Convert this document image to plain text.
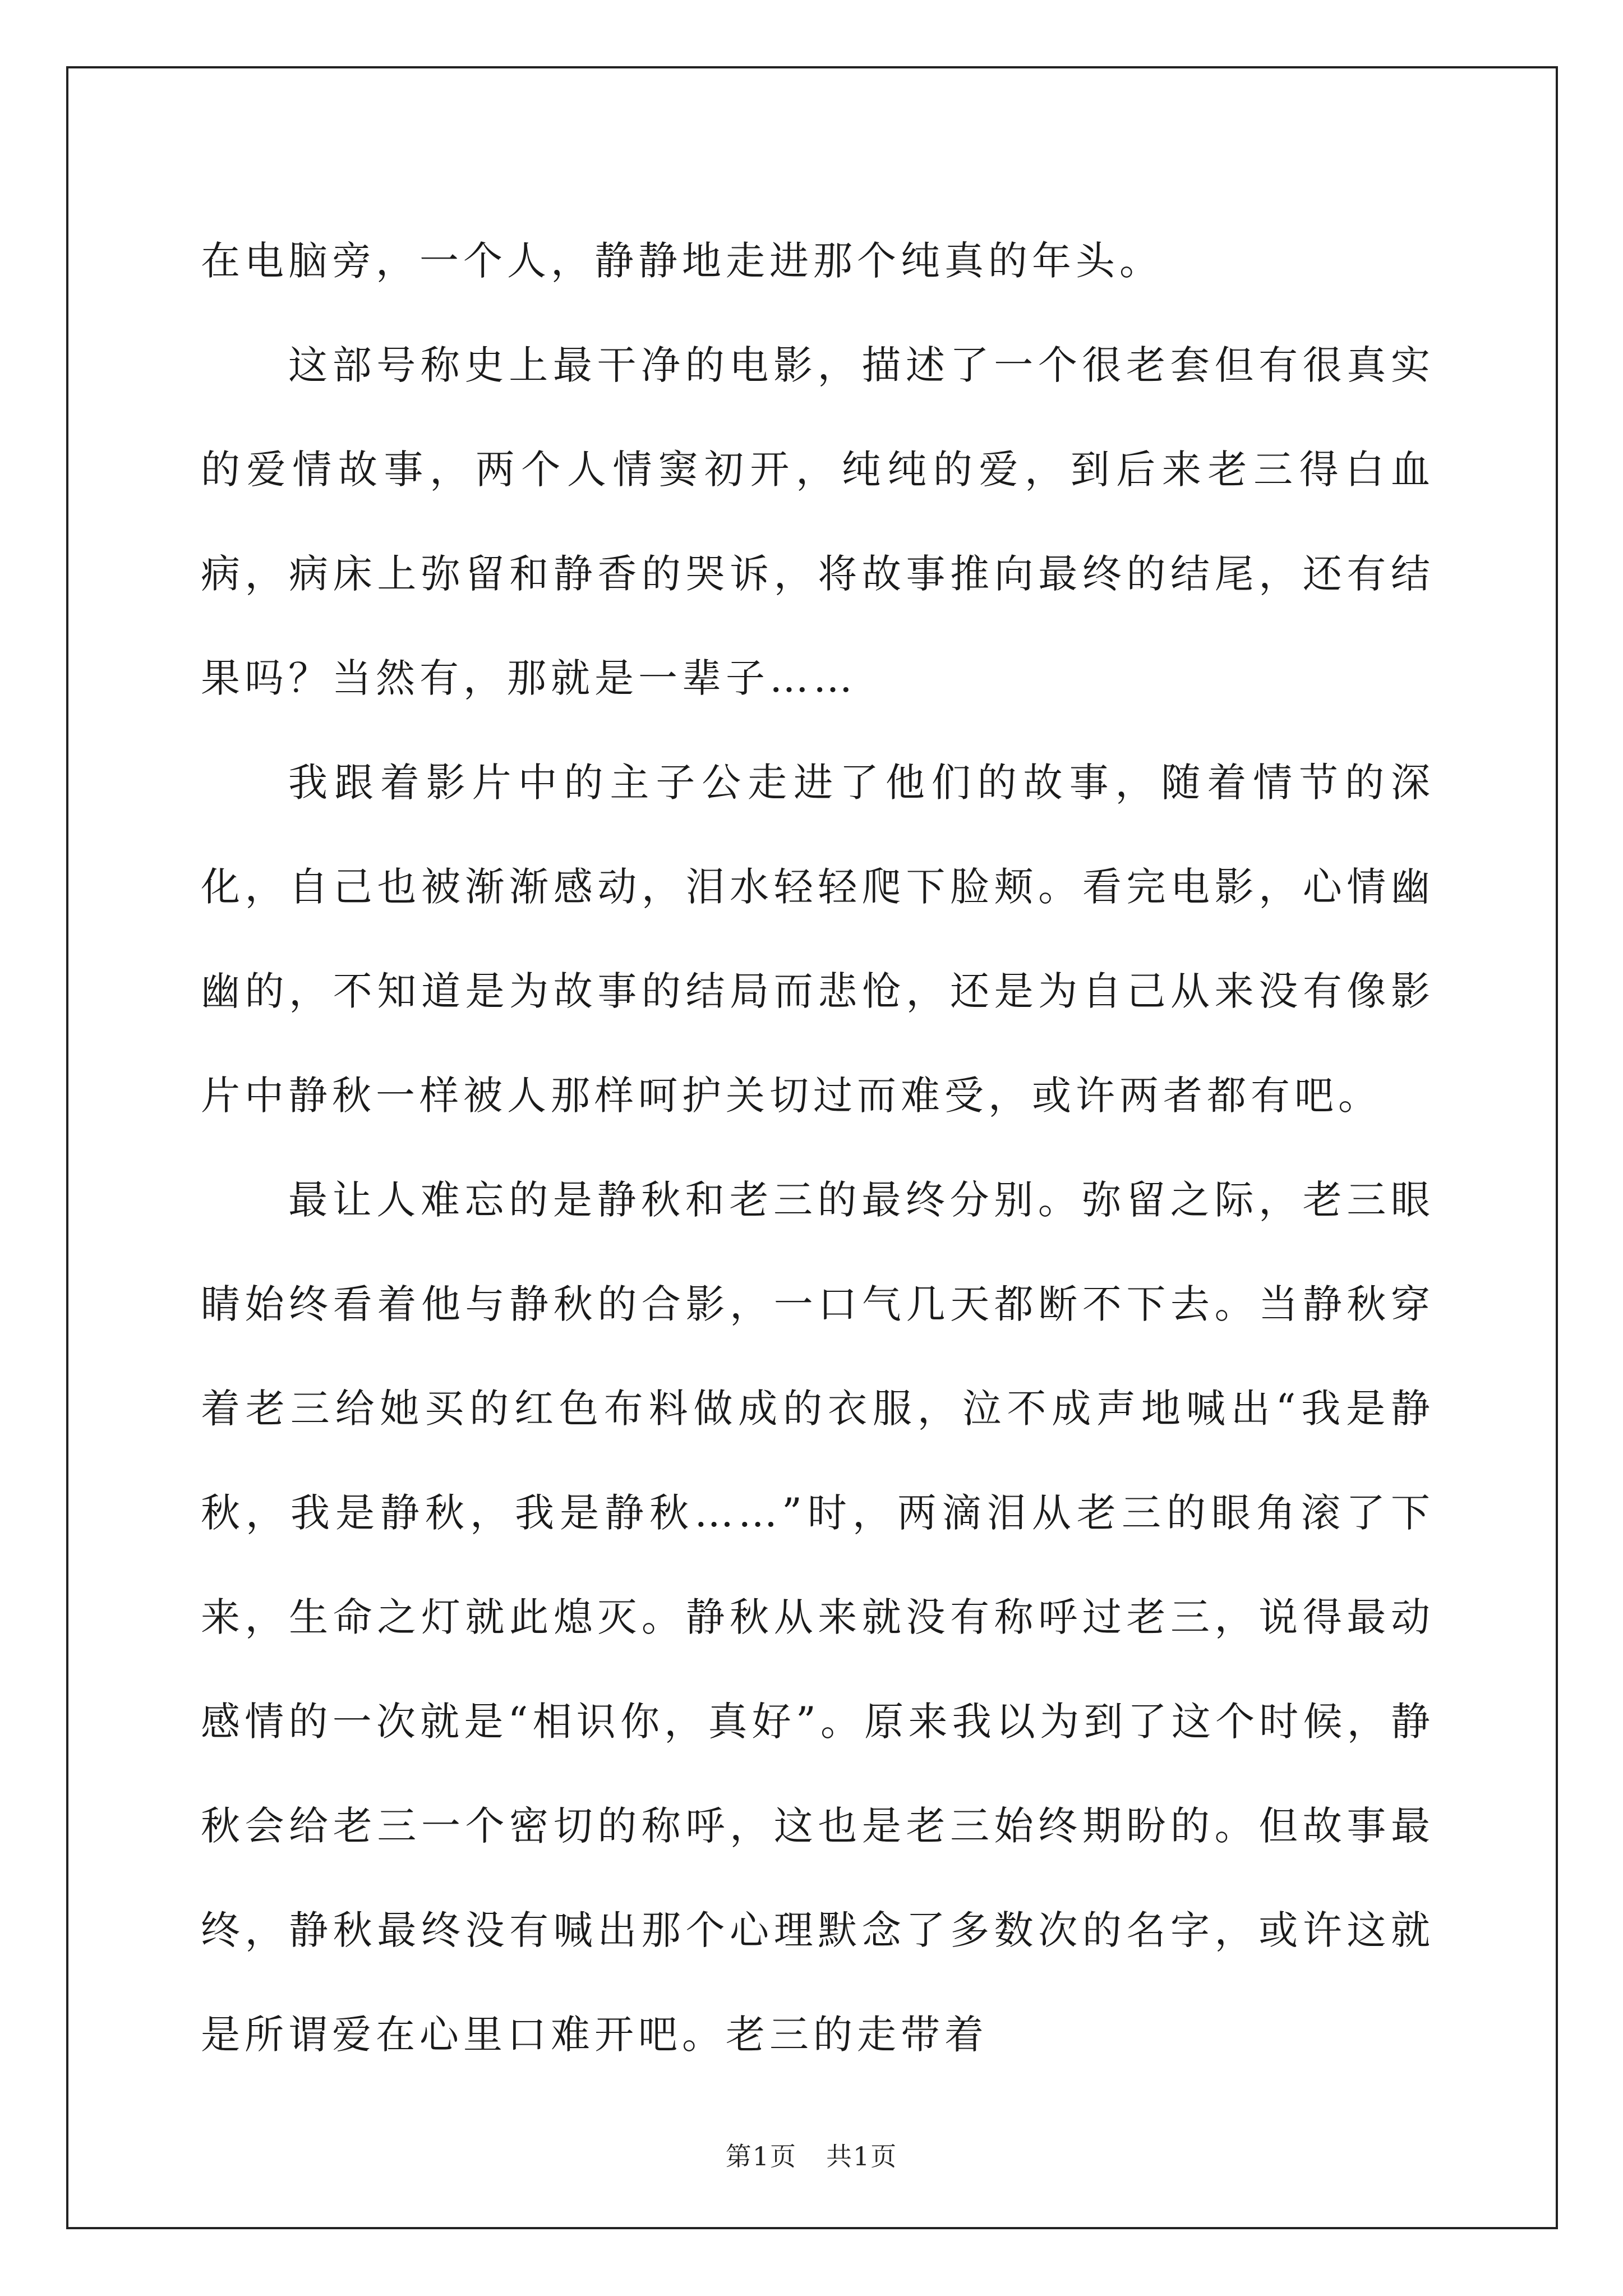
在电脑旁，一个人，静静地走进那个纯真的年头。

这部号称史上最干净的电影，描述了一个很老套但有很真实的爱情故事，两个人情窦初开，纯纯的爱，到后来老三得白血病，病床上弥留和静香的哭诉，将故事推向最终的结尾，还有结果吗？当然有，那就是一辈子……

我跟着影片中的主子公走进了他们的故事，随着情节的深化，自己也被渐渐感动，泪水轻轻爬下脸颊。看完电影，心情幽幽的，不知道是为故事的结局而悲怆，还是为自己从来没有像影片中静秋一样被人那样呵护关切过而难受，或许两者都有吧。

最让人难忘的是静秋和老三的最终分别。弥留之际，老三眼睛始终看着他与静秋的合影，一口气几天都断不下去。当静秋穿着老三给她买的红色布料做成的衣服，泣不成声地喊出“我是静秋，我是静秋，我是静秋……”时，两滴泪从老三的眼角滚了下来，生命之灯就此熄灭。静秋从来就没有称呼过老三，说得最动感情的一次就是“相识你，真好”。原来我以为到了这个时候，静秋会给老三一个密切的称呼，这也是老三始终期盼的。但故事最终，静秋最终没有喊出那个心理默念了多数次的名字，或许这就是所谓爱在心里口难开吧。老三的走带着

第1页 共1页
